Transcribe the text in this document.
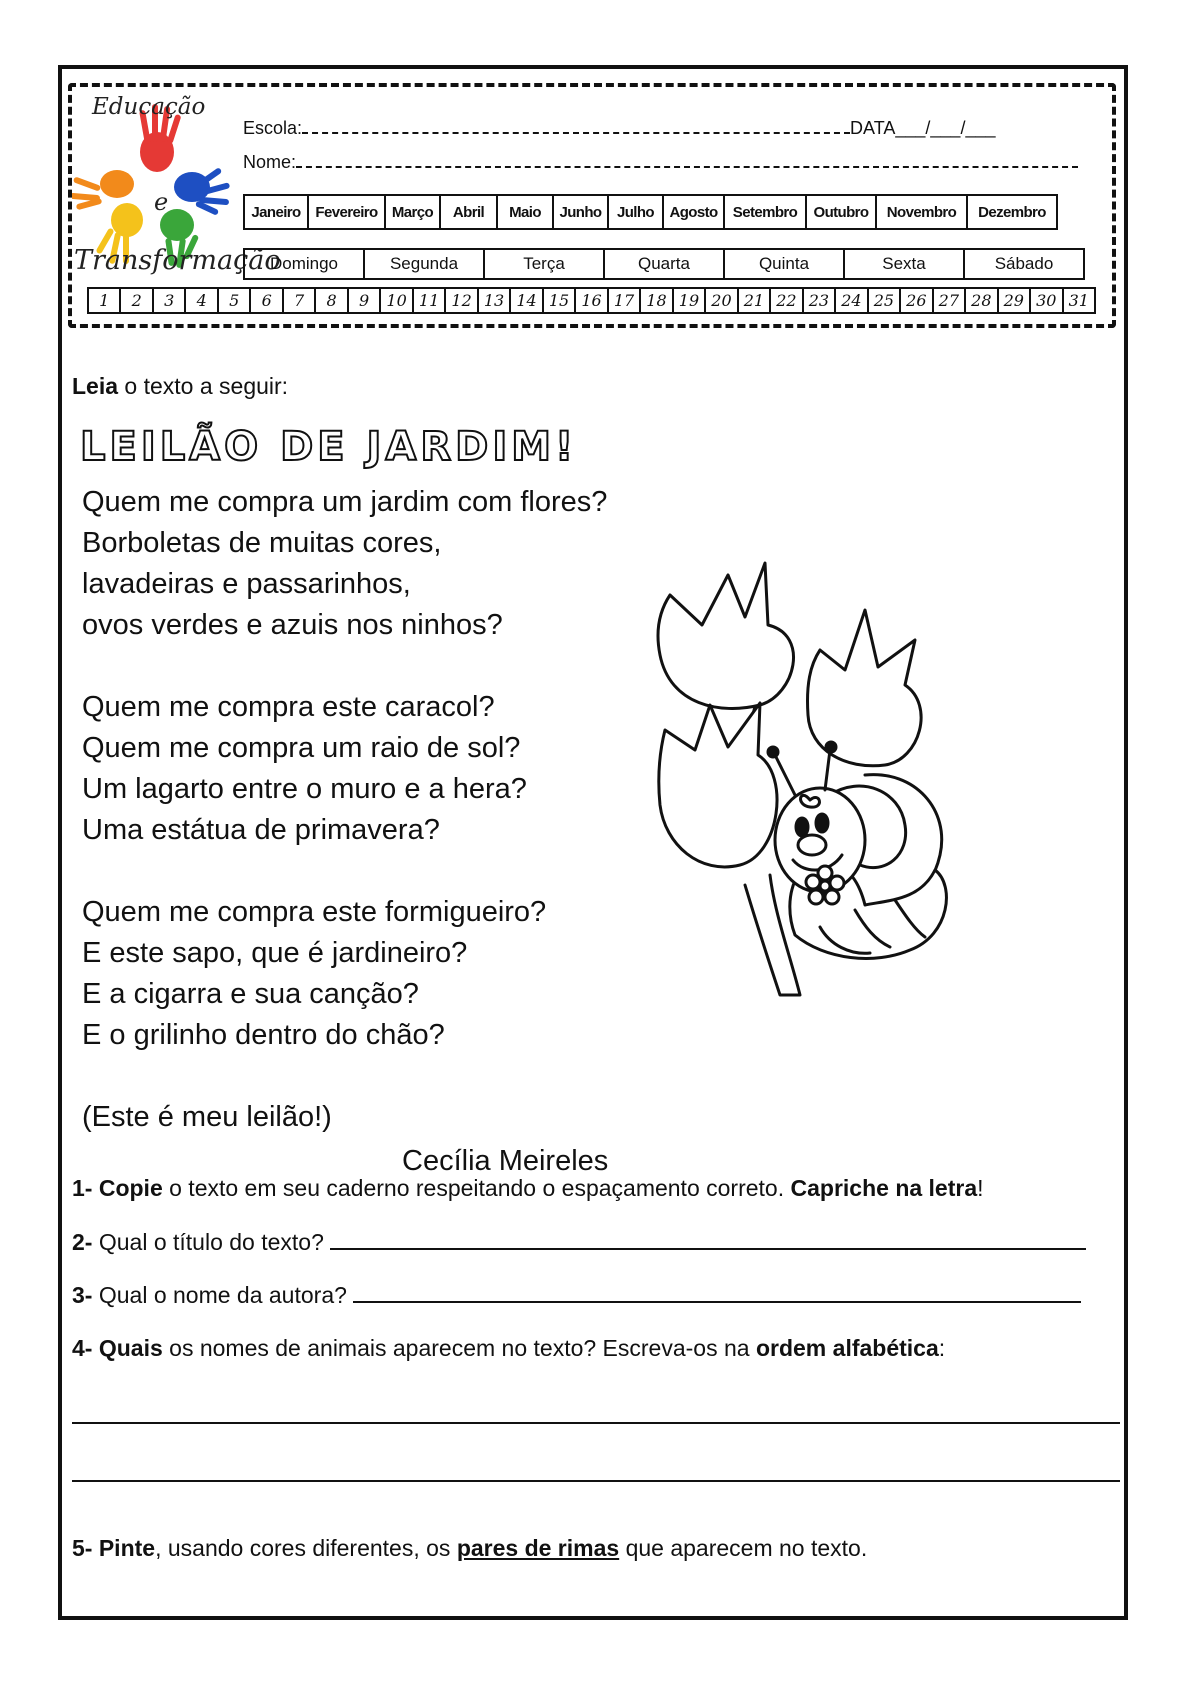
e
Educação
Transformação
Escola:	DATA___/___/___
Nome:
Janeiro Fevereiro Março	Abril	Maio	Junho	Julho	Agosto	Setembro	Outubro	Novembro	Dezembro
Domingo	Segunda	Terça	Quarta	Quinta	Sexta	Sábado
1	2	3	4	5	6	7	8	9	10 11 12 13 14 15 16 17 18 19 20 21 22 23 24 25 26 27 28 29 30 31
Leia o texto a seguir:
LEILÃO DE JARDIM!
Quem me compra um jardim com flores?
Borboletas de muitas cores,
lavadeiras e passarinhos,
ovos verdes e azuis nos ninhos?
Quem me compra este caracol?
Quem me compra um raio de sol?
Um lagarto entre o muro e a hera?
Uma estátua de primavera?
Quem me compra este formigueiro?
E este sapo, que é jardineiro?
E a cigarra e sua canção?
E o grilinho dentro do chão?
(Este é meu leilão!)
Cecília Meireles
1- Copie o texto em seu caderno respeitando o espaçamento correto. Capriche na letra!
2- Qual o título do texto?
3- Qual o nome da autora?
4- Quais os nomes de animais aparecem no texto? Escreva-os na ordem alfabética:
5- Pinte, usando cores diferentes, os pares de rimas que aparecem no texto.
